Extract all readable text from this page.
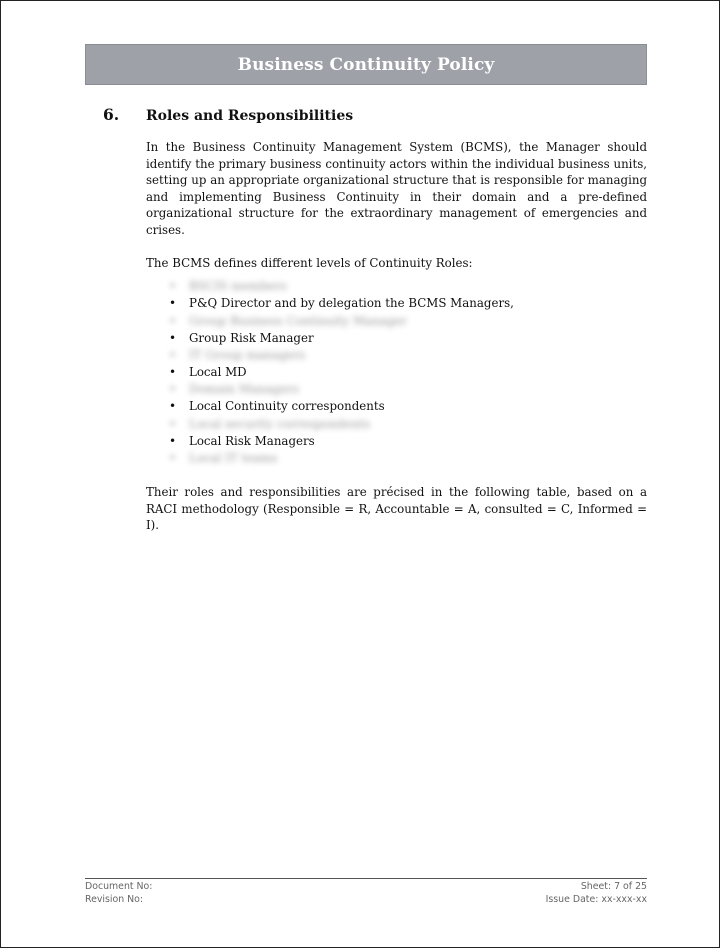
Business Continuity Policy
6.	Roles and Responsibilities

In the Business Continuity Management System (BCMS), the Manager should identify the primary business continuity actors within the individual business units, setting up an appropriate organizational structure that is responsible for managing and implementing Business Continuity in their domain and a pre-defined organizational structure for the extraordinary management of emergencies and crises.

The BCMS defines different levels of Continuity Roles:

• BSCIS members
• P&Q Director and by delegation the BCMS Managers,
• Group Business Continuity Manager
• Group Risk Manager
• IT Group managers
• Local MD
• Domain Managers
• Local Continuity correspondents
• Local security correspondents
• Local Risk Managers
• Local IT teams

Their roles and responsibilities are précised in the following table, based on a RACI methodology (Responsible = R, Accountable = A, consulted = C, Informed = I).

Document No:	Sheet: 7 of 25
Revision No:	Issue Date: xx-xxx-xx
